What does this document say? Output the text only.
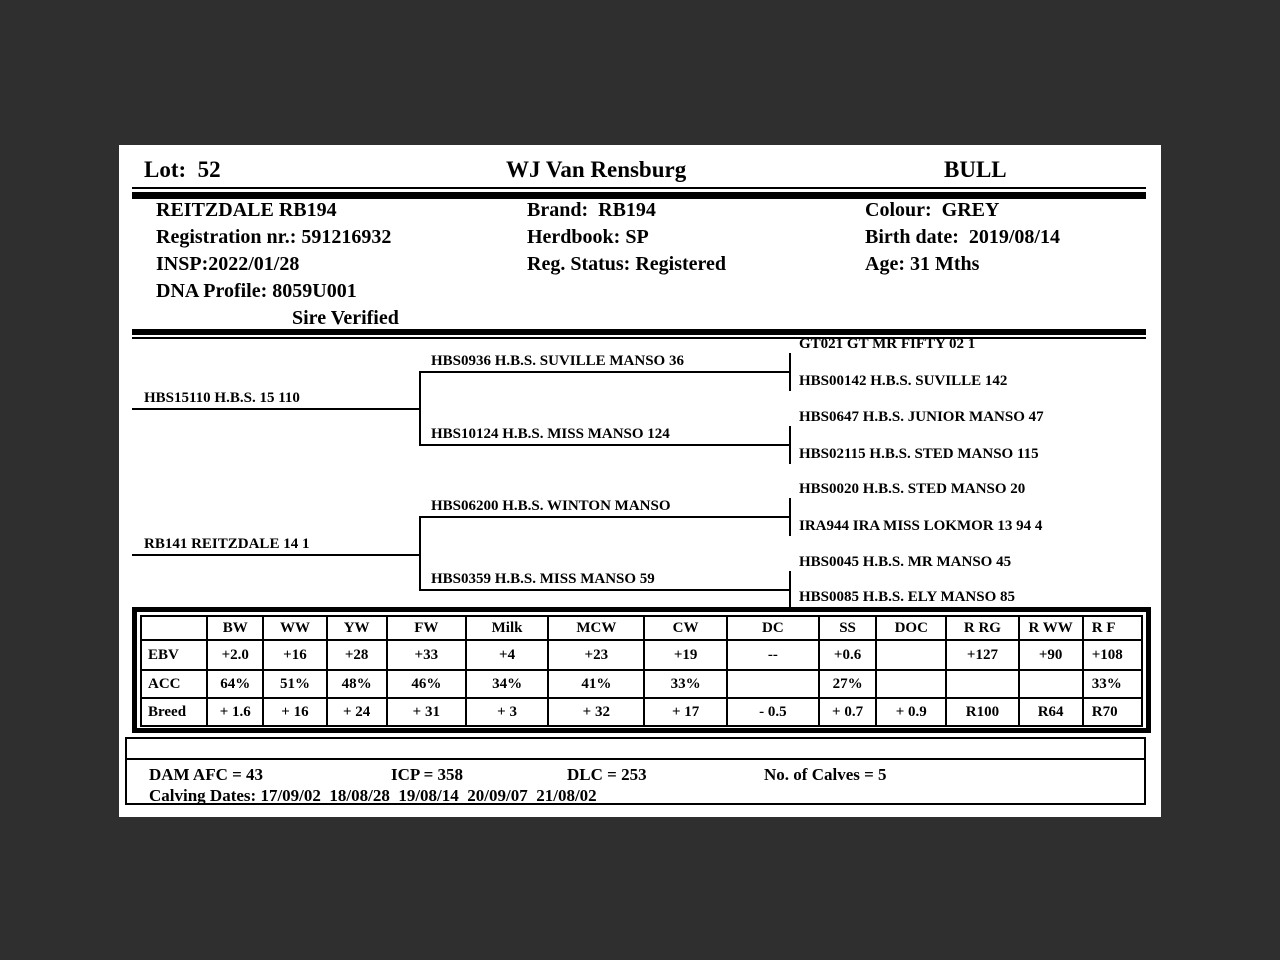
Lot:  52	WJ Van Rensburg	BULL
REITZDALE RB194
Registration nr.: 591216932
INSP:2022/01/28
DNA Profile: 8059U001
Sire Verified
Brand:  RB194
Herdbook: SP
Reg. Status: Registered
Colour:  GREY
Birth date:  2019/08/14
Age: 31 Mths
HBS15110 H.B.S. 15 110
RB141 REITZDALE 14 1
HBS0936 H.B.S. SUVILLE MANSO 36
HBS10124 H.B.S. MISS MANSO 124
HBS06200 H.B.S. WINTON MANSO
HBS0359 H.B.S. MISS MANSO 59
GT021 GT MR FIFTY 02 1
HBS00142 H.B.S. SUVILLE 142
HBS0647 H.B.S. JUNIOR MANSO 47
HBS02115 H.B.S. STED MANSO 115
HBS0020 H.B.S. STED MANSO 20
IRA944 IRA MISS LOKMOR 13 94 4
HBS0045 H.B.S. MR MANSO 45
HBS0085 H.B.S. ELY MANSO 85
	BW	WW	YW	FW	Milk	MCW	CW	DC	SS	DOC	R RG	R WW	R F
EBV	+2.0	+16	+28	+33	+4	+23	+19	--	+0.6		+127	+90	+108
ACC	64%	51%	48%	46%	34%	41%	33%		27%				33%
Breed	+ 1.6	+ 16	+ 24	+ 31	+ 3	+ 32	+ 17	- 0.5	+ 0.7	+ 0.9	R100	R64	R70
DAM AFC = 43	ICP = 358	DLC = 253	No. of Calves = 5
Calving Dates: 17/09/02  18/08/28  19/08/14  20/09/07  21/08/02
